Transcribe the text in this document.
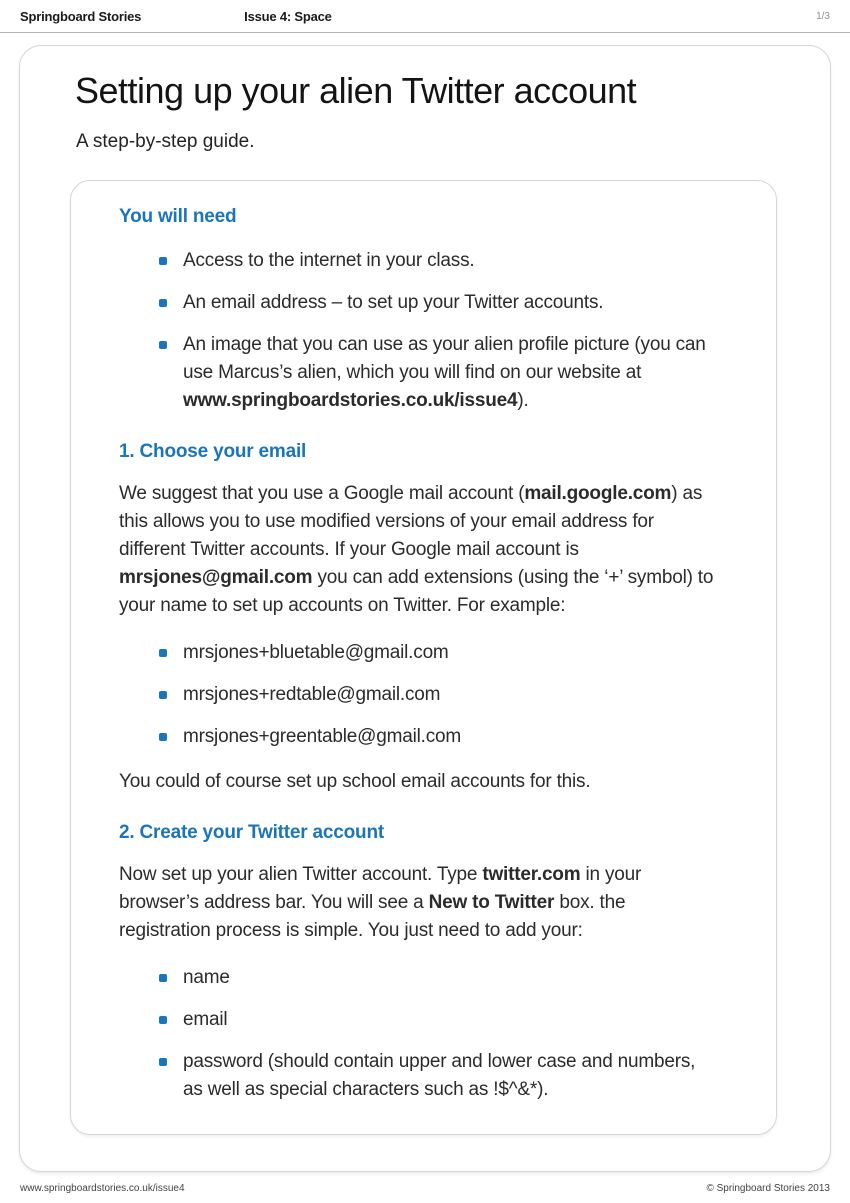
Springboard Stories	Issue 4: Space	1/3
Setting up your alien Twitter account

A step-by-step guide.

You will need
Access to the internet in your class.
An email address – to set up your Twitter accounts.
An image that you can use as your alien profile picture (you can use Marcus’s alien, which you will find on our website at www.springboardstories.co.uk/issue4).
1. Choose your email

We suggest that you use a Google mail account (mail.google.com) as this allows you to use modified versions of your email address for different Twitter accounts. If your Google mail account is mrsjones@gmail.com you can add extensions (using the ‘+’ symbol) to your name to set up accounts on Twitter. For example:

mrsjones+bluetable@gmail.com
mrsjones+redtable@gmail.com
mrsjones+greentable@gmail.com

You could of course set up school email accounts for this.

2. Create your Twitter account

Now set up your alien Twitter account. Type twitter.com in your browser’s address bar. You will see a New to Twitter box. the registration process is simple. You just need to add your:

name
email
password (should contain upper and lower case and numbers, as well as special characters such as !$^&*).
www.springboardstories.co.uk/issue4	© Springboard Stories 2013
